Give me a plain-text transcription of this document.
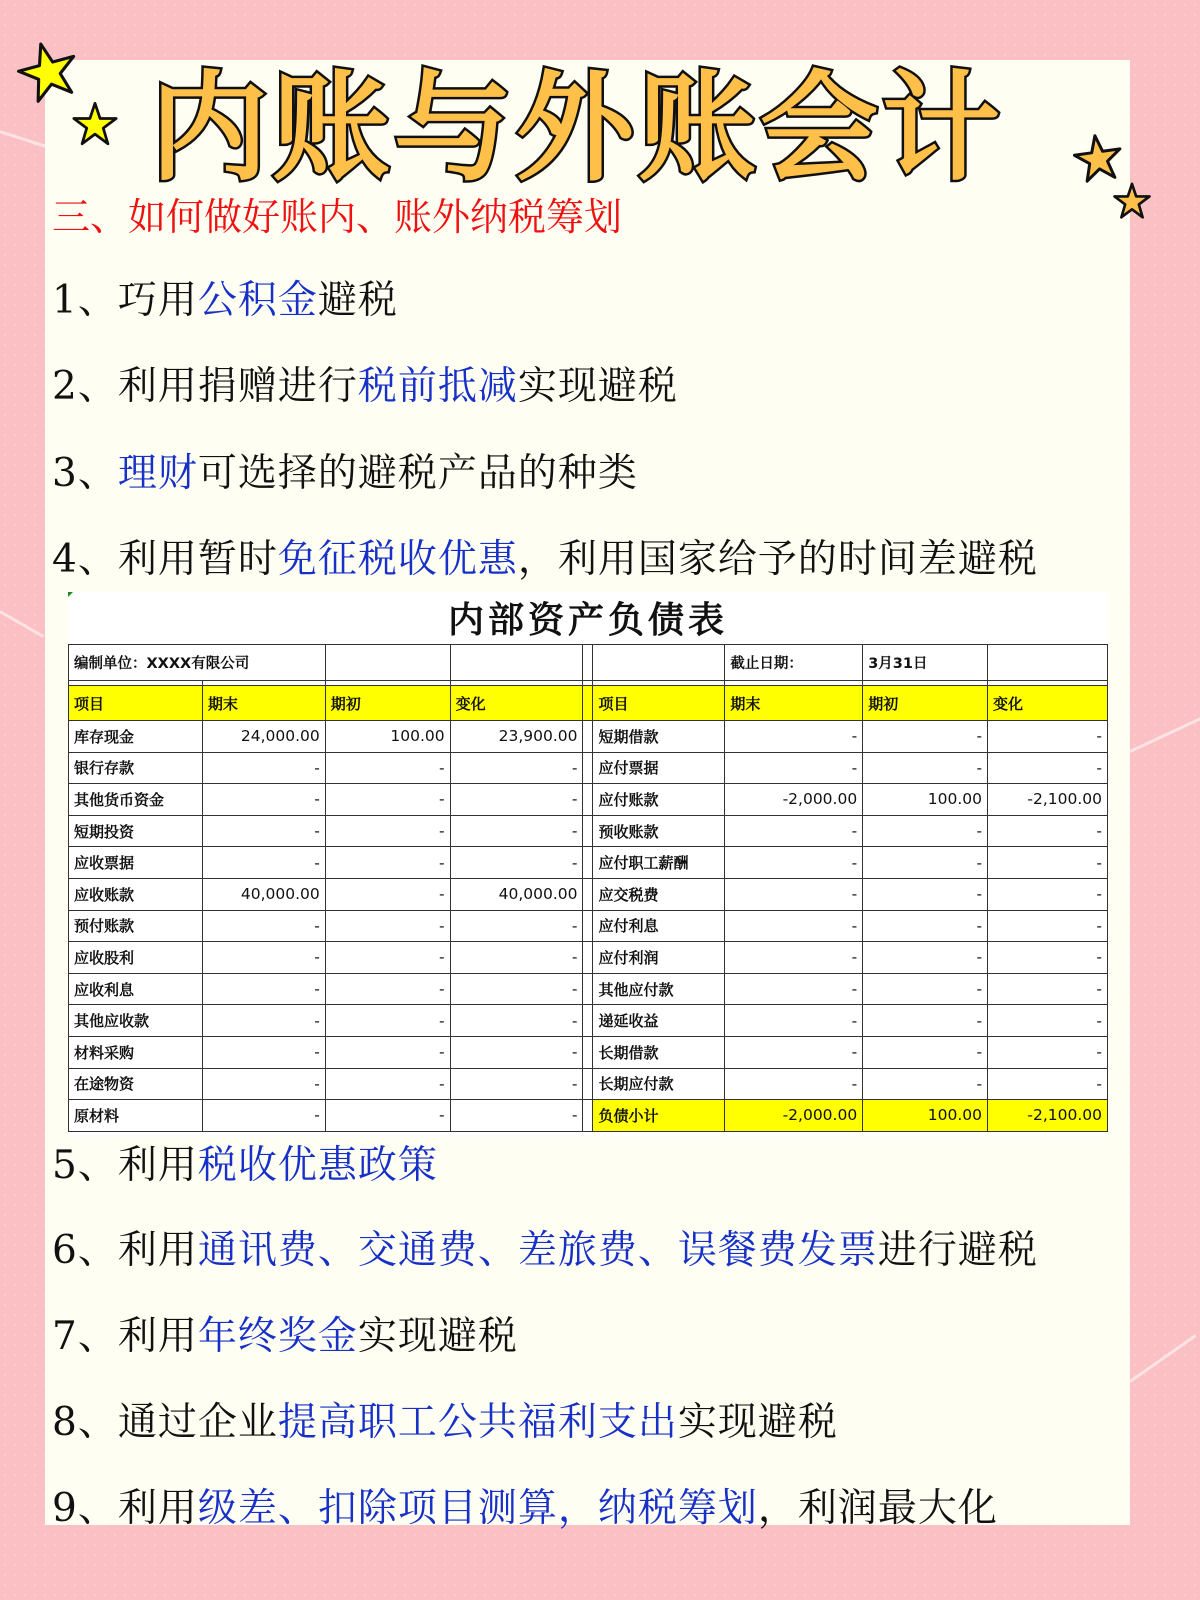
内账与外账会计
三、如何做好账内、账外纳税筹划
1、巧用公积金避税
2、利用捐赠进行税前抵减实现避税
3、理财可选择的避税产品的种类
4、利用暂时免征税收优惠，利用国家给予的时间差避税
内部资产负债表
编制单位：XXXX有限公司						截止日期：	3月31日	

项目	期末	期初	变化		项目	期末	期初	变化
库存现金	24,000.00	100.00	23,900.00		短期借款	-	-	-
银行存款	-	-	-		应付票据	-	-	-
其他货币资金	-	-	-		应付账款	-2,000.00	100.00	-2,100.00
短期投资	-	-	-		预收账款	-	-	-
应收票据	-	-	-		应付职工薪酬	-	-	-
应收账款	40,000.00	-	40,000.00		应交税费	-	-	-
预付账款	-	-	-		应付利息	-	-	-
应收股利	-	-	-		应付利润	-	-	-
应收利息	-	-	-		其他应付款	-	-	-
其他应收款	-	-	-		递延收益	-	-	-
材料采购	-	-	-		长期借款	-	-	-
在途物资	-	-	-		长期应付款	-	-	-
原材料	-	-	-		负债小计	-2,000.00	100.00	-2,100.00
5、利用税收优惠政策
6、利用通讯费、交通费、差旅费、误餐费发票进行避税
7、利用年终奖金实现避税
8、通过企业提高职工公共福利支出实现避税
9、利用级差、扣除项目测算，纳税筹划，利润最大化
